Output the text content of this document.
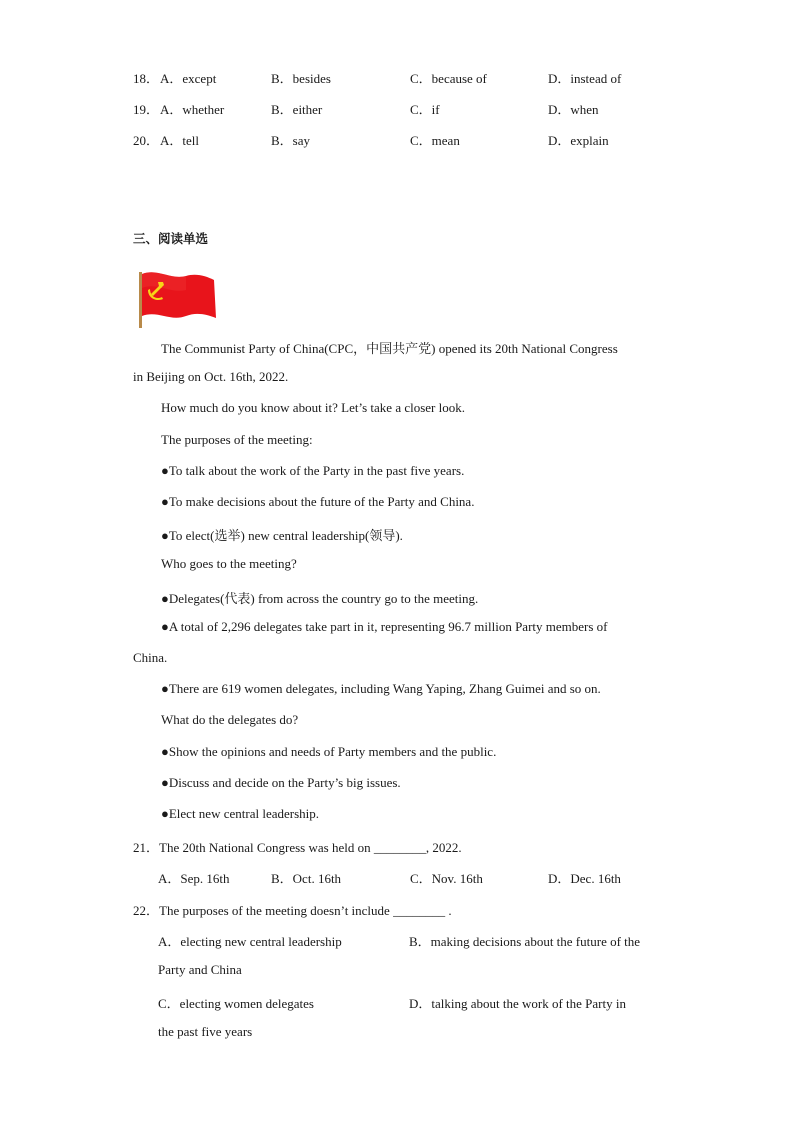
18． A．except	B．besides	C．because of	D．instead of
19． A．whether	B．either	C．if	D．when
20． A．tell	B．say	C．mean	D．explain
三、阅读单选
The Communist Party of China(CPC，中国共产党) opened its 20th National Congress
in Beijing on Oct. 16th, 2022.
How much do you know about it? Let’s take a closer look.
The purposes of the meeting:
●To talk about the work of the Party in the past five years.
●To make decisions about the future of the Party and China.
●To elect(选举) new central leadership(领导).
Who goes to the meeting?
●Delegates(代表) from across the country go to the meeting.
●A total of 2,296 delegates take part in it, representing 96.7 million Party members of
China.
●There are 619 women delegates, including Wang Yaping, Zhang Guimei and so on.
What do the delegates do?
●Show the opinions and needs of Party members and the public.
●Discuss and decide on the Party’s big issues.
●Elect new central leadership.
21．The 20th National Congress was held on ________, 2022.
A．Sep. 16th	B．Oct. 16th	C．Nov. 16th	D．Dec. 16th
22．The purposes of the meeting doesn’t include ________ .
A．electing new central leadership	B．making decisions about the future of the
Party and China
C．electing women delegates	D．talking about the work of the Party in
the past five years
